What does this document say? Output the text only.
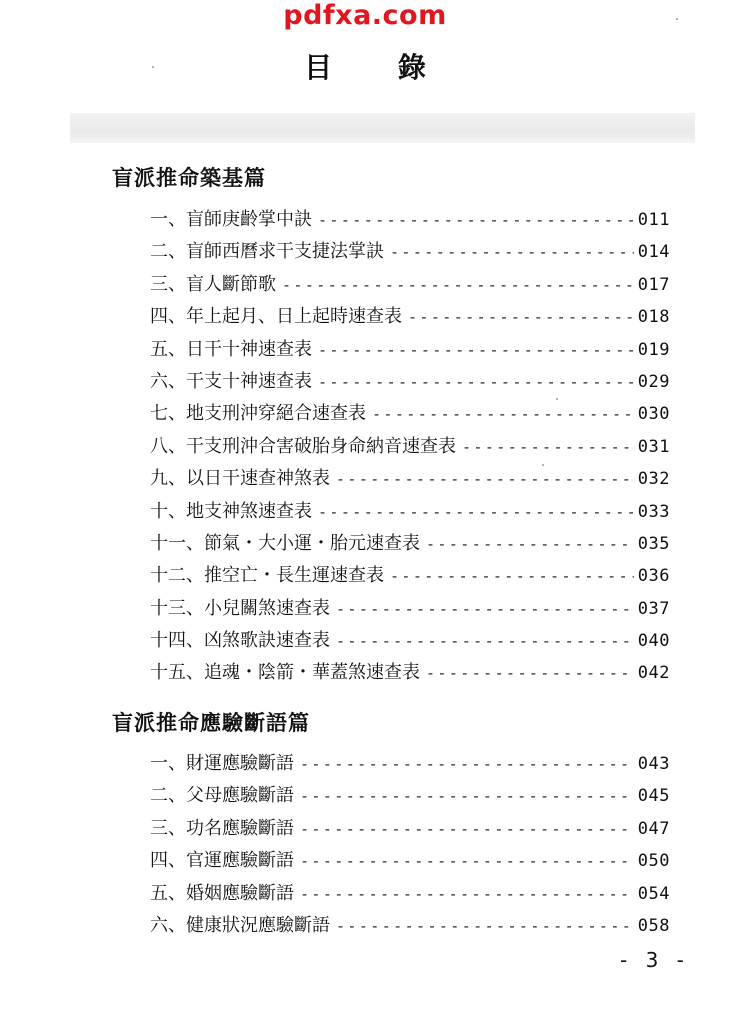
pdfxa.com
目 錄
盲派推命築基篇
一、盲師庚齡掌中訣 -----	011
二、盲師西曆求干支捷法掌訣 -----	014
三、盲人斷節歌 -----	017
四、年上起月、日上起時速查表 -----	018
五、日干十神速查表 -----	019
六、干支十神速查表 -----	029
七、地支刑沖穿絕合速查表 -----	030
八、干支刑沖合害破胎身命納音速查表 -----	031
九、以日干速查神煞表 -----	032
十、地支神煞速查表 -----	033
十一、節氣・大小運・胎元速查表 -----	035
十二、推空亡・長生運速查表 -----	036
十三、小兒關煞速查表 -----	037
十四、凶煞歌訣速查表 -----	040
十五、追魂・陰箭・華蓋煞速查表 -----	042
盲派推命應驗斷語篇
一、財運應驗斷語 -----	043
二、父母應驗斷語 -----	045
三、功名應驗斷語 -----	047
四、官運應驗斷語 -----	050
五、婚姻應驗斷語 -----	054
六、健康狀況應驗斷語 -----	058
- 3 -
